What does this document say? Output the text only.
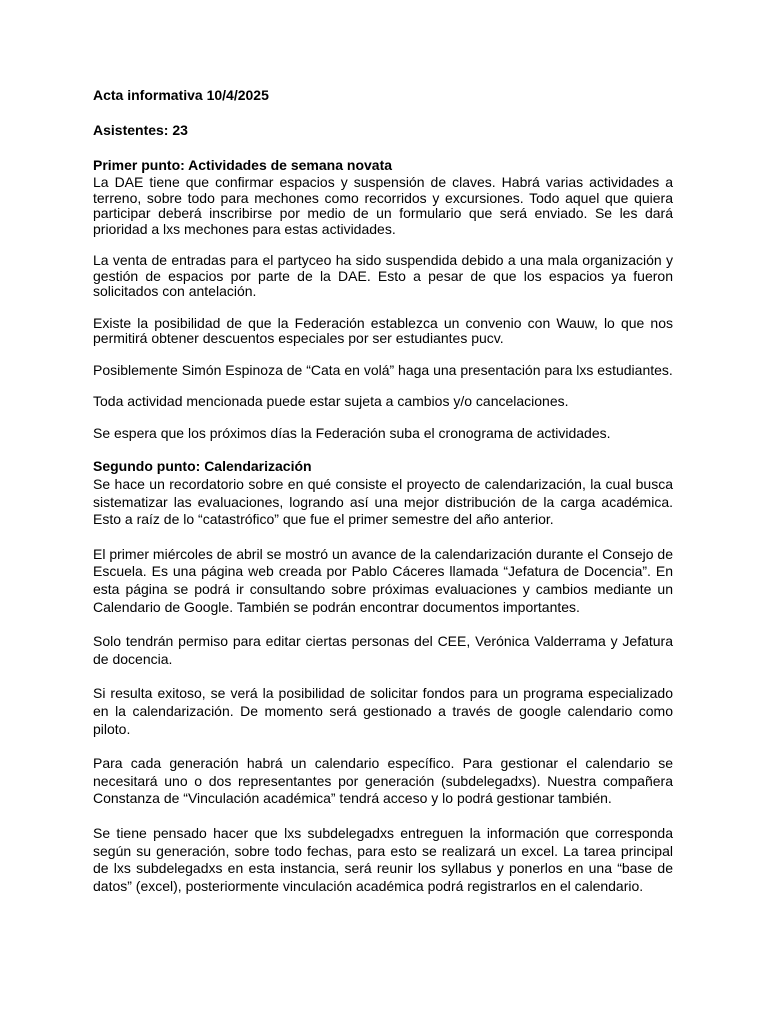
Acta informativa 10/4/2025

Asistentes: 23

Primer punto: Actividades de semana novata

La DAE tiene que confirmar espacios y suspensión de claves. Habrá varias actividades a terreno, sobre todo para mechones como recorridos y excursiones. Todo aquel que quiera participar deberá inscribirse por medio de un formulario que será enviado. Se les dará prioridad a lxs mechones para estas actividades.

La venta de entradas para el partyceo ha sido suspendida debido a una mala organización y gestión de espacios por parte de la DAE. Esto a pesar de que los espacios ya fueron solicitados con antelación.

Existe la posibilidad de que la Federación establezca un convenio con Wauw, lo que nos permitirá obtener descuentos especiales por ser estudiantes pucv.

Posiblemente Simón Espinoza de “Cata en volá” haga una presentación para lxs estudiantes.

Toda actividad mencionada puede estar sujeta a cambios y/o cancelaciones.

Se espera que los próximos días la Federación suba el cronograma de actividades.

Segundo punto: Calendarización

Se hace un recordatorio sobre en qué consiste el proyecto de calendarización, la cual busca sistematizar las evaluaciones, logrando así una mejor distribución de la carga académica. Esto a raíz de lo “catastrófico” que fue el primer semestre del año anterior.

El primer miércoles de abril se mostró un avance de la calendarización durante el Consejo de Escuela. Es una página web creada por Pablo Cáceres llamada “Jefatura de Docencia”. En esta página se podrá ir consultando sobre próximas evaluaciones y cambios mediante un Calendario de Google. También se podrán encontrar documentos importantes.

Solo tendrán permiso para editar ciertas personas del CEE, Verónica Valderrama y Jefatura de docencia.

Si resulta exitoso, se verá la posibilidad de solicitar fondos para un programa especializado en la calendarización. De momento será gestionado a través de google calendario como piloto.

Para cada generación habrá un calendario específico. Para gestionar el calendario se necesitará uno o dos representantes por generación (subdelegadxs). Nuestra compañera Constanza de “Vinculación académica” tendrá acceso y lo podrá gestionar también.

Se tiene pensado hacer que lxs subdelegadxs entreguen la información que corresponda según su generación, sobre todo fechas, para esto se realizará un excel. La tarea principal de lxs subdelegadxs en esta instancia, será reunir los syllabus y ponerlos en una “base de datos” (excel), posteriormente vinculación académica podrá registrarlos en el calendario.
